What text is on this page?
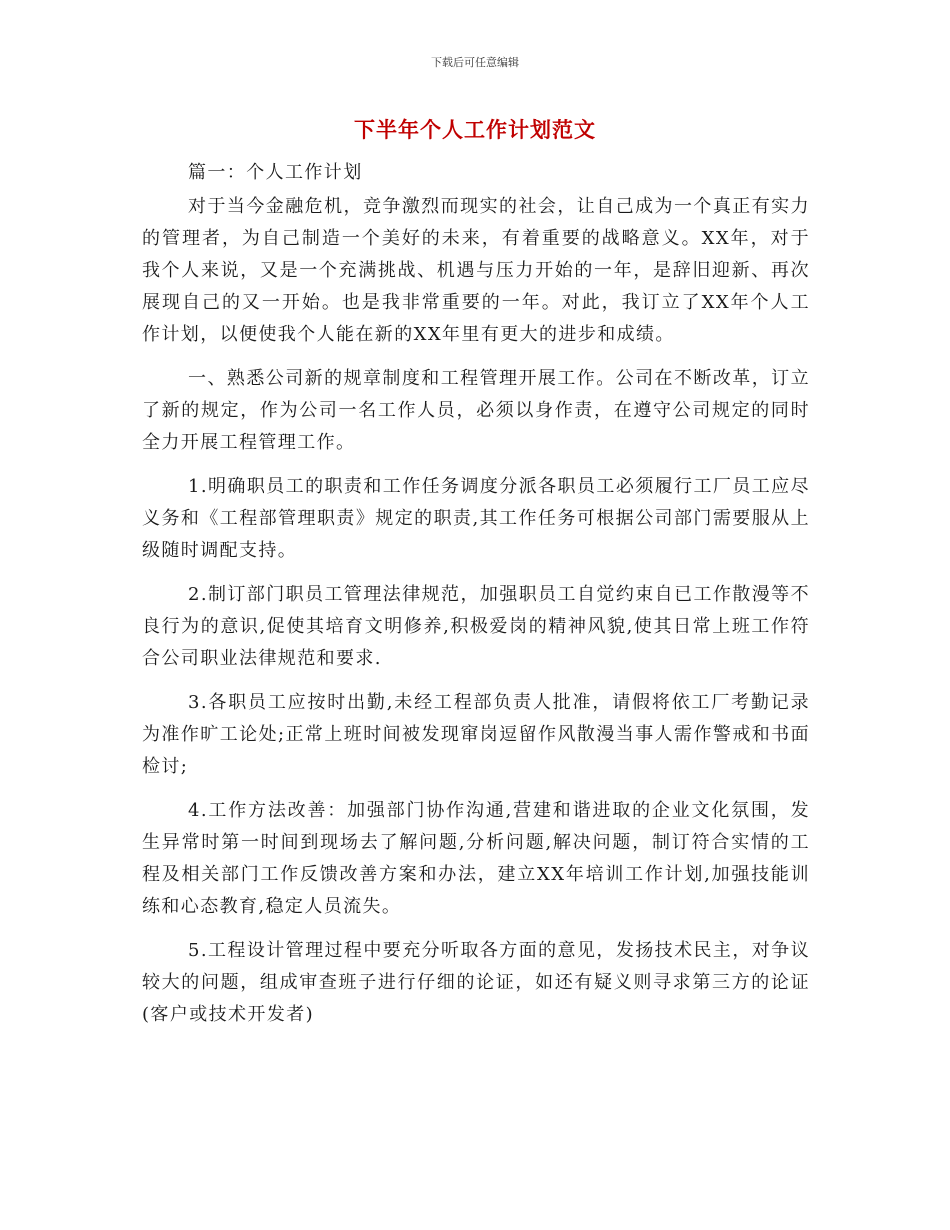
下载后可任意编辑
下半年个人工作计划范文

篇一：个人工作计划

对于当今金融危机，竞争激烈而现实的社会，让自己成为一个真正有实力的管理者，为自己制造一个美好的未来，有着重要的战略意义。XX年，对于我个人来说，又是一个充满挑战、机遇与压力开始的一年，是辞旧迎新、再次展现自己的又一开始。也是我非常重要的一年。对此，我订立了XX年个人工作计划，以便使我个人能在新的XX年里有更大的进步和成绩。

一、熟悉公司新的规章制度和工程管理开展工作。公司在不断改革，订立了新的规定，作为公司一名工作人员，必须以身作责，在遵守公司规定的同时全力开展工程管理工作。

1.明确职员工的职责和工作任务调度分派各职员工必须履行工厂员工应尽义务和《工程部管理职责》规定的职责,其工作任务可根据公司部门需要服从上级随时调配支持。

2.制订部门职员工管理法律规范，加强职员工自觉约束自已工作散漫等不良行为的意识,促使其培育文明修养,积极爱岗的精神风貌,使其日常上班工作符合公司职业法律规范和要求.

3.各职员工应按时出勤,未经工程部负责人批准，请假将依工厂考勤记录为准作旷工论处;正常上班时间被发现窜岗逗留作风散漫当事人需作警戒和书面检讨;

4.工作方法改善：加强部门协作沟通,营建和谐进取的企业文化氛围，发生异常时第一时间到现场去了解问题,分析问题,解决问题，制订符合实情的工程及相关部门工作反馈改善方案和办法，建立XX年培训工作计划,加强技能训练和心态教育,稳定人员流失。

5.工程设计管理过程中要充分听取各方面的意见，发扬技术民主，对争议较大的问题，组成审查班子进行仔细的论证，如还有疑义则寻求第三方的论证(客户或技术开发者)
